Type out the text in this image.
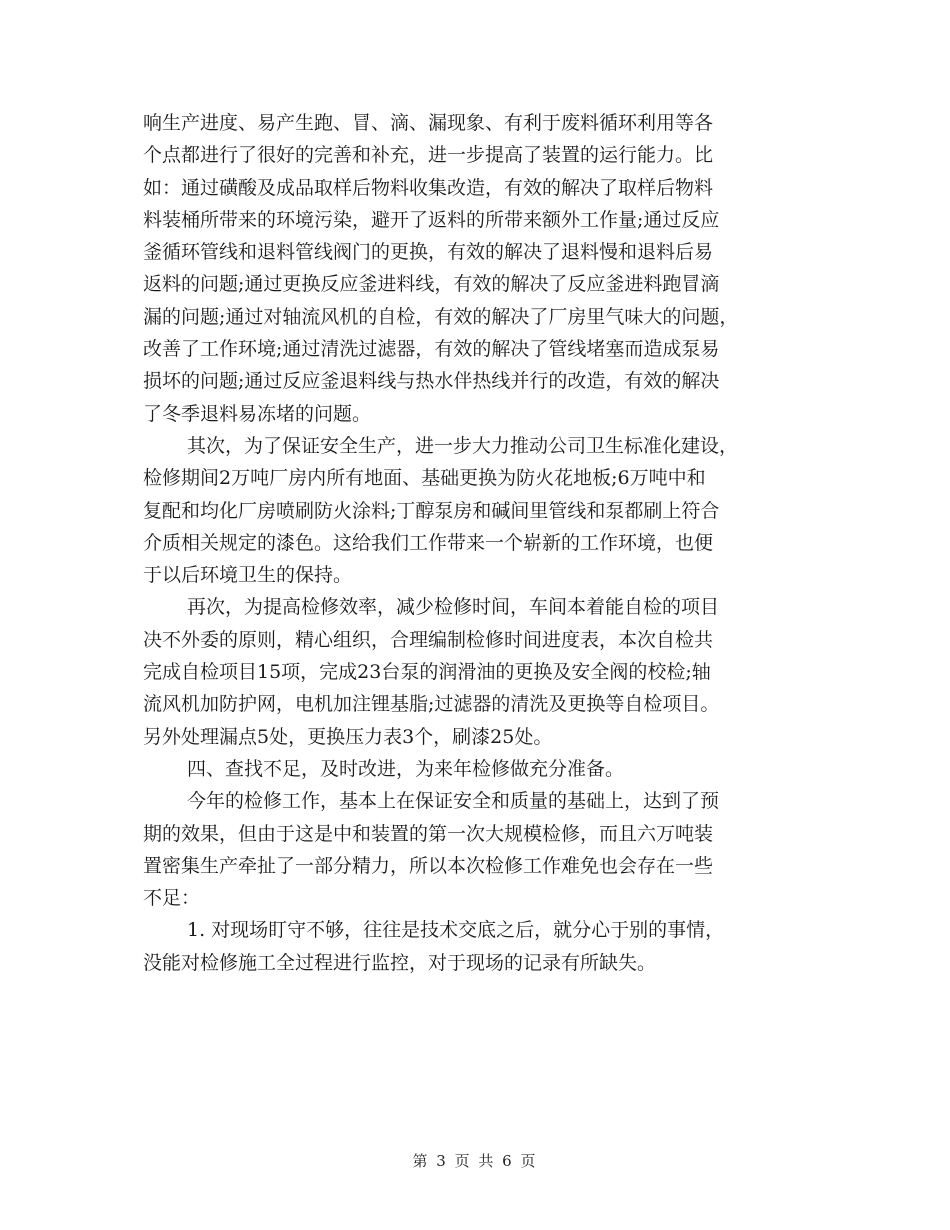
响生产进度、易产生跑、冒、滴、漏现象、有利于废料循环利用等各
个点都进行了很好的完善和补充，进一步提高了装置的运行能力。比
如：通过磺酸及成品取样后物料收集改造，有效的解决了取样后物料
料装桶所带来的环境污染，避开了返料的所带来额外工作量;通过反应
釜循环管线和退料管线阀门的更换，有效的解决了退料慢和退料后易
返料的问题;通过更换反应釜进料线，有效的解决了反应釜进料跑冒滴
漏的问题;通过对轴流风机的自检，有效的解决了厂房里气味大的问题，
改善了工作环境;通过清洗过滤器，有效的解决了管线堵塞而造成泵易
损坏的问题;通过反应釜退料线与热水伴热线并行的改造，有效的解决
了冬季退料易冻堵的问题。
其次，为了保证安全生产，进一步大力推动公司卫生标准化建设，
检修期间2万吨厂房内所有地面、基础更换为防火花地板;6万吨中和
复配和均化厂房喷刷防火涂料;丁醇泵房和碱间里管线和泵都刷上符合
介质相关规定的漆色。这给我们工作带来一个崭新的工作环境，也便
于以后环境卫生的保持。
再次，为提高检修效率，减少检修时间，车间本着能自检的项目
决不外委的原则，精心组织，合理编制检修时间进度表，本次自检共
完成自检项目15项，完成23台泵的润滑油的更换及安全阀的校检;轴
流风机加防护网，电机加注锂基脂;过滤器的清洗及更换等自检项目。
另外处理漏点5处，更换压力表3个，刷漆25处。
四、查找不足，及时改进，为来年检修做充分准备。
今年的检修工作，基本上在保证安全和质量的基础上，达到了预
期的效果，但由于这是中和装置的第一次大规模检修，而且六万吨装
置密集生产牵扯了一部分精力，所以本次检修工作难免也会存在一些
不足：
1. 对现场盯守不够，往往是技术交底之后，就分心于别的事情，
没能对检修施工全过程进行监控，对于现场的记录有所缺失。
第 3 页 共 6 页
